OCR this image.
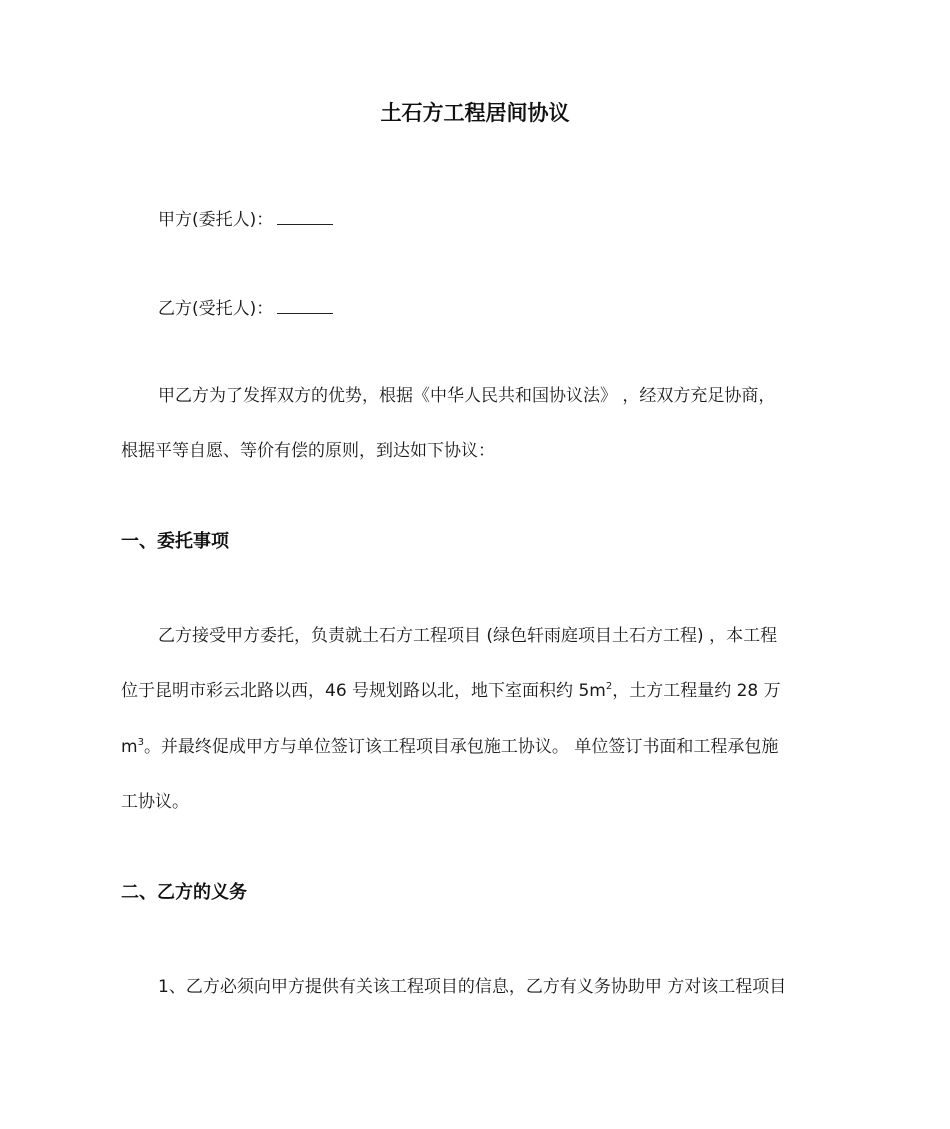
土石方工程居间协议
甲方(委托人)：
乙方(受托人)：
甲乙方为了发挥双方的优势，根据《中华人民共和国协议法》 ，经双方充足协商，
根据平等自愿、等价有偿的原则，到达如下协议：
一、委托事项
乙方接受甲方委托，负责就土石方工程项目 (绿色轩雨庭项目土石方工程) ，本工程
位于昆明市彩云北路以西，46 号规划路以北，地下室面积约 $5m^2$，土方工程量约 28 万
$m^3$。并最终促成甲方与单位签订该工程项目承包施工协议。 单位签订书面和工程承包施
工协议。
二、乙方的义务
1、乙方必须向甲方提供有关该工程项目的信息，乙方有义务协助甲 方对该工程项目
